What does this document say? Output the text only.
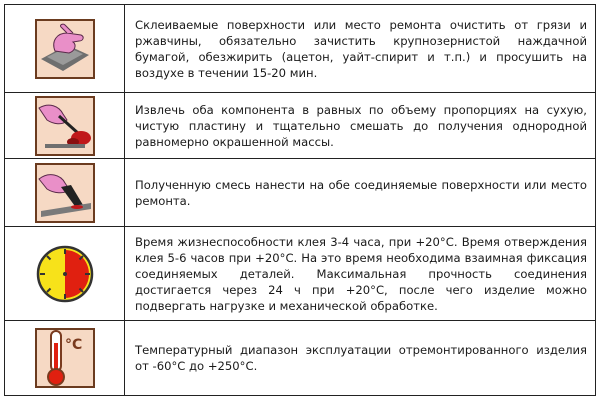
Склеиваемые поверхности или место ремонта очистить от грязи и ржавчины, обязательно зачистить крупнозернистой наждачной бумагой, обезжирить (ацетон, уайт-спирит и т.п.) и просушить на воздухе в течении 15-20 мин.

Извлечь оба компонента в равных по объему пропорциях на сухую, чистую пластину и тщательно смешать до получения однородной равномерно окрашенной массы.

Полученную смесь нанести на обе соединяемые поверхности или место ремонта.

Время жизнеспособности клея 3-4 часа, при +20°С. Время отверждения клея 5-6 часов при +20°С. На это время необходима взаимная фиксация соединяемых деталей. Максимальная прочность соединения достигается через 24 ч при +20°С, после чего изделие можно подвергать нагрузке и механической обработке.

°С	Температурный диапазон эксплуатации отремонтированного изделия от -60°С до +250°С.
